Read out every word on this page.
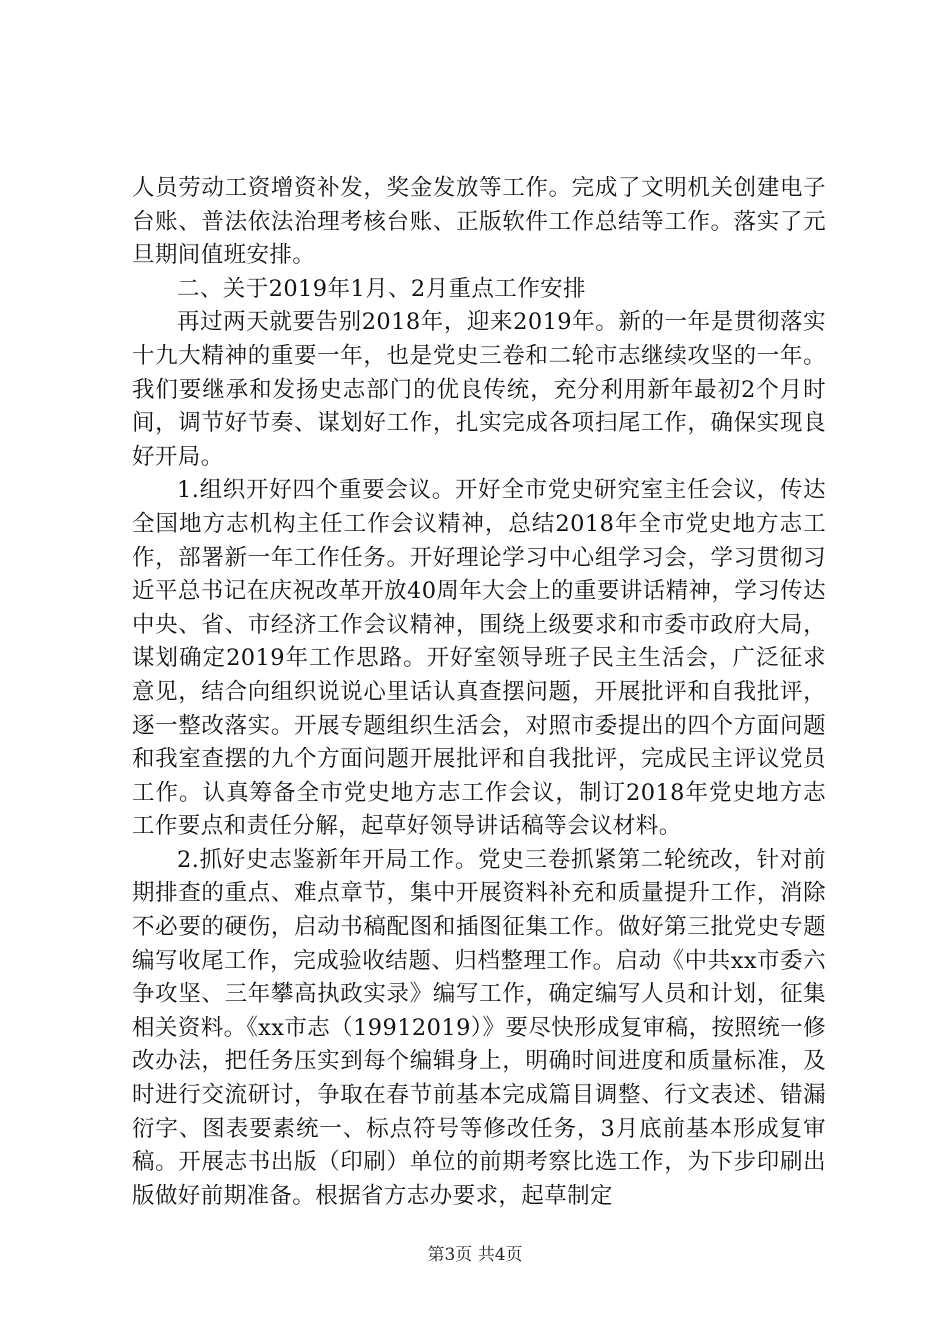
人员劳动工资增资补发，奖金发放等工作。完成了文明机关创建电子台账、普法依法治理考核台账、正版软件工作总结等工作。落实了元旦期间值班安排。

二、关于2019年1月、2月重点工作安排

再过两天就要告别2018年，迎来2019年。新的一年是贯彻落实十九大精神的重要一年，也是党史三卷和二轮市志继续攻坚的一年。我们要继承和发扬史志部门的优良传统，充分利用新年最初2个月时间，调节好节奏、谋划好工作，扎实完成各项扫尾工作，确保实现良好开局。

1.组织开好四个重要会议。开好全市党史研究室主任会议，传达全国地方志机构主任工作会议精神，总结2018年全市党史地方志工作，部署新一年工作任务。开好理论学习中心组学习会，学习贯彻习近平总书记在庆祝改革开放40周年大会上的重要讲话精神，学习传达中央、省、市经济工作会议精神，围绕上级要求和市委市政府大局，谋划确定2019年工作思路。开好室领导班子民主生活会，广泛征求意见，结合向组织说说心里话认真查摆问题，开展批评和自我批评，逐一整改落实。开展专题组织生活会，对照市委提出的四个方面问题和我室查摆的九个方面问题开展批评和自我批评，完成民主评议党员工作。认真筹备全市党史地方志工作会议，制订2018年党史地方志工作要点和责任分解，起草好领导讲话稿等会议材料。

2.抓好史志鉴新年开局工作。党史三卷抓紧第二轮统改，针对前期排查的重点、难点章节，集中开展资料补充和质量提升工作，消除不必要的硬伤，启动书稿配图和插图征集工作。做好第三批党史专题编写收尾工作，完成验收结题、归档整理工作。启动《中共xx市委六争攻坚、三年攀高执政实录》编写工作，确定编写人员和计划，征集相关资料。《xx市志（19912019）》要尽快形成复审稿，按照统一修改办法，把任务压实到每个编辑身上，明确时间进度和质量标准，及时进行交流研讨，争取在春节前基本完成篇目调整、行文表述、错漏衍字、图表要素统一、标点符号等修改任务，3月底前基本形成复审稿。开展志书出版（印刷）单位的前期考察比选工作，为下步印刷出版做好前期准备。根据省方志办要求，起草制定

第3页 共4页
